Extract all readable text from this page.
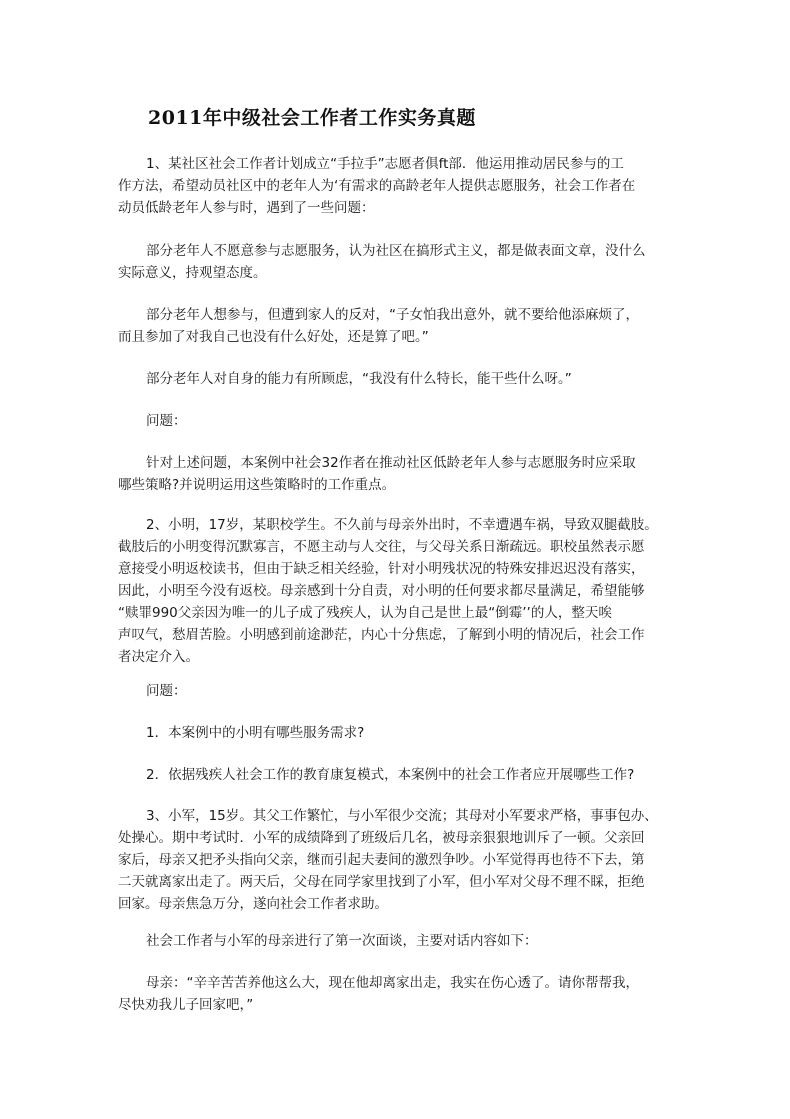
2011年中级社会工作者工作实务真题

1、某社区社会工作者计划成立“手拉手”志愿者俱ft部．他运用推动居民参与的工
作方法，希望动员社区中的老年人为‘有需求的高龄老年人提供志愿服务，社会工作者在
动员低龄老年人参与时，遇到了一些问题：

部分老年人不愿意参与志愿服务，认为社区在搞形式主义，都是做表面文章，没什么
实际意义，持观望态度。

部分老年人想参与，但遭到家人的反对，“子女怕我出意外，就不要给他添麻烦了，
而且参加了对我自己也没有什么好处，还是算了吧。”

部分老年人对自身的能力有所顾虑，“我没有什么特长，能干些什么呀。”

问题：

针对上述问题，本案例中社会32作者在推动社区低龄老年人参与志愿服务时应采取
哪些策略?并说明运用这些策略时的工作重点。

2、小明，17岁，某职校学生。不久前与母亲外出时，不幸遭遇车祸，导致双腿截肢。
截肢后的小明变得沉默寡言，不愿主动与人交往，与父母关系日渐疏远。职校虽然表示愿
意接受小明返校读书，但由于缺乏相关经验，针对小明残状况的特殊安排迟迟没有落实，
因此，小明至今没有返校。母亲感到十分自责，对小明的任何要求都尽量满足，希望能够
“赎罪990父亲因为唯一的儿子成了残疾人，认为自己是世上最“倒霉’’的人，整天唉
声叹气，愁眉苦脸。小明感到前途渺茫，内心十分焦虑，了解到小明的情况后，社会工作
者决定介入。

问题：

1．本案例中的小明有哪些服务需求?

2．依据残疾人社会工作的教育康复模式，本案例中的社会工作者应开展哪些工作?

3、小军，15岁。其父工作繁忙，与小军很少交流；其母对小军要求严格，事事包办、
处操心。期中考试时．小军的成绩降到了班级后几名，被母亲狠狠地训斥了一顿。父亲回
家后，母亲又把矛头指向父亲，继而引起夫妻间的激烈争吵。小军觉得再也待不下去，第
二天就离家出走了。两天后，父母在同学家里找到了小军，但小军对父母不理不睬，拒绝
回家。母亲焦急万分，遂向社会工作者求助。

社会工作者与小军的母亲进行了第一次面谈，主要对话内容如下：

母亲：“辛辛苦苦养他这么大，现在他却离家出走，我实在伤心透了。请你帮帮我，
尽快劝我儿子回家吧，”
